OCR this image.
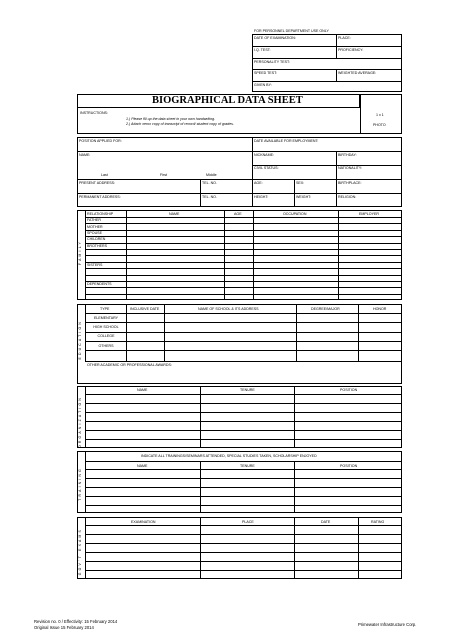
FOR PERSONNEL DEPARTMENT USE ONLY
DATE OF EXAMINATION:	PLACE:
I.Q. TEST:	PROFICIENCY:
PERSONALITY TEST:
SPEED TEST:	WEIGHTED AVERAGE:
GIVEN BY:
BIOGRAPHICAL DATA SHEET
INSTRUCTIONS:
1.) Please fill up the data sheet in your own handwriting.
2.) Attach xerox copy of transcript of record/ student copy of grades.
1 x 1
PHOTO
POSITION APPLIED FOR:	DATE AVAILABLE FOR EMPLOYMENT:
NAME:	NICKNAME:	BIRTHDAY:
CIVIL STATUS:	NATIONALITY:
Last	First	Middle
PRESENT ADDRESS:	TEL. NO.	AGE:	SEX:	BIRTHPLACE:
PERMANENT ADDRESS:	TEL. NO.	HEIGHT:	WEIGHT:	RELIGION:
FAMILY
RELATIONSHIP	NAME	AGE	OCCUPATION	EMPLOYER
FATHER
MOTHER
SPOUSE
CHILDREN
BROTHERS
SISTERS
DEPENDENTS
EDUCATION
TYPE	INCLUSIVE DATE	NAME OF SCHOOL & ITS ADDRESS	DEGREE/MAJOR	HONOR
ELEMENTARY
HIGH SCHOOL
COLLEGE
OTHERS
OTHER ACADEMIC OR PROFESSIONAL AWARDS:
ORGANIZATION
NAME	TENURE	POSITION
TRAINING
INDICATE ALL TRAININGS/SEMINARS ATTENDED, SPECIAL STUDIES TAKEN, SCHOLARSHIP ENJOYED
NAME	TENURE	POSITION
GOV'T EXAMS
EXAMINATION	PLACE	DATE	RATING
Revision no. 0 / Effectivity: 15 February 2014
Original Issue 15 February 2014
Primewater Infrastructure Corp.
